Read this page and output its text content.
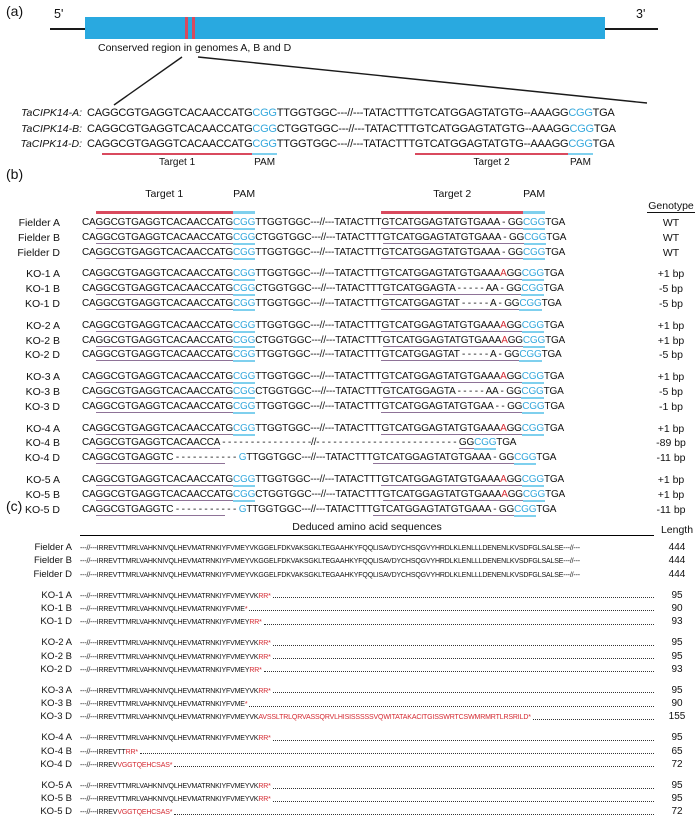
(a) 5'	3'
Conserved region in genomes A, B and D
TaCIPK14-A: CAGGCGTGAGGTCACAACCATG CGG TTGGTGGC---//---TATACTTTGTCATGGAGTATGTG--AAAGG CGG TGA
TaCIPK14-B: CAGGCGTGAGGTCACAACCATG CGG CTGGTGGC---//---TATACTTTGTCATGGAGTATGTG--AAAGG CGG TGA
TaCIPK14-D: CA GGCGTGAGGTCACAACCATG CGG TTGGTGGC---//---TATACTTT GTCATGGAGTATGTG--AAAGG CGG TGA
Target 1	PAM	Target 2	PAM
(b)
Target 1	PAM	Target 2	PAM
Genotype
Fielder A	CAGGCGTGAGGTCACAACCATGCGGTTGGTGGC---//---TATACTTTGTCATGGAGTATGTGAAA - GGCGGTGA	WT
Fielder B	CAGGCGTGAGGTCACAACCATGCGGCTGGTGGC---//---TATACTTTGTCATGGAGTATGTGAAA - GGCGGTGA	WT
Fielder D	CAGGCGTGAGGTCACAACCATGCGGTTGGTGGC---//---TATACTTTGTCATGGAGTATGTGAAA - GGCGGTGA	WT
KO-1 A	CAGGCGTGAGGTCACAACCATGCGGTTGGTGGC---//---TATACTTTGTCATGGAGTATGTGAAAAGGCGGTGA	+1 bp
KO-1 B	CAGGCGTGAGGTCACAACCATGCGGCTGGTGGC---//---TATACTTTGTCATGGAGTA - - - - - AA - GGCGGTGA	-5 bp
KO-1 D	CAGGCGTGAGGTCACAACCATGCGGTTGGTGGC---//---TATACTTTGTCATGGAGTAT - - - - - A - GGCGGTGA	-5 bp
KO-2 A	CAGGCGTGAGGTCACAACCATGCGGTTGGTGGC---//---TATACTTTGTCATGGAGTATGTGAAAAGGCGGTGA	+1 bp
KO-2 B	CAGGCGTGAGGTCACAACCATGCGGCTGGTGGC---//---TATACTTTGTCATGGAGTATGTGAAAAGGCGGTGA	+1 bp
KO-2 D	CAGGCGTGAGGTCACAACCATGCGGTTGGTGGC---//---TATACTTTGTCATGGAGTAT - - - - - A - GGCGGTGA	-5 bp
KO-3 A	CAGGCGTGAGGTCACAACCATGCGGTTGGTGGC---//---TATACTTTGTCATGGAGTATGTGAAAAGGCGGTGA	+1 bp
KO-3 B	CAGGCGTGAGGTCACAACCATGCGGCTGGTGGC---//---TATACTTTGTCATGGAGTA - - - - - AA - GGCGGTGA	-5 bp
KO-3 D	CAGGCGTGAGGTCACAACCATGCGGTTGGTGGC---//---TATACTTTGTCATGGAGTATGTGAA - - GGCGGTGA	-1 bp
KO-4 A	CAGGCGTGAGGTCACAACCATGCGGTTGGTGGC---//---TATACTTTGTCATGGAGTATGTGAAAAGGCGGTGA	+1 bp
KO-4 B	CAGGCGTGAGGTCACAACCA - - - - - - - - - - - - - - - -//- - - - - - - - - - - - - - - - - - - - - - - - - GGCGGTGA	-89 bp
KO-4 D	CAGGCGTGAGGTC - - - - - - - - - - - GTTGGTGGC---//---TATACTTTGTCATGGAGTATGTGAAA - GGCGGTGA	-11 bp
KO-5 A	CAGGCGTGAGGTCACAACCATGCGGTTGGTGGC---//---TATACTTTGTCATGGAGTATGTGAAAAGGCGGTGA	+1 bp
KO-5 B	CAGGCGTGAGGTCACAACCATGCGGCTGGTGGC---//---TATACTTTGTCATGGAGTATGTGAAAAGGCGGTGA	+1 bp
KO-5 D	CAGGCGTGAGGTC - - - - - - - - - - - GTTGGTGGC---//---TATACTTTGTCATGGAGTATGTGAAA - GGCGGTGA	-11 bp
(c)
Deduced amino acid sequences	Length
Fielder A	---//---IRREVTTMRLVAHKNIVQLHEVMATRNKIYFVMEYVKGGELFDKVAKSGKLTEGAAHKYFQQLISAVDYCHSQGVYHRDLKLENLLLDENENLKVSDFGLSALSE---//---	444
Fielder B	---//---IRREVTTMRLVAHKNIVQLHEVMATRNKIYFVMEYVKGGELFDKVAKSGKLTEGAAHKYFQQLISAVDYCHSQGVYHRDLKLENLLLDENENLKVSDFGLSALSE---//---	444
Fielder D	---//---IRREVTTMRLVAHKNIVQLHEVMATRNKIYFVMEYVKGGELFDKVAKSGKLTEGAAHKYFQQLISAVDYCHSQGVYHRDLKLENLLLDENENLKVSDFGLSALSE---//---	444
KO-1 A	---//---IRREVTTMRLVAHKNIVQLHEVMATRNKIYFVMEYVK RR*	95
KO-1 B	---//---IRREVTTMRLVAHKNIVQLHEVMATRNKIYFVME *	90
KO-1 D	---//---IRREVTTMRLVAHKNIVQLHEVMATRNKIYFVMEY RR*	93
KO-2 A	---//---IRREVTTMRLVAHKNIVQLHEVMATRNKIYFVMEYVK RR*	95
KO-2 B	---//---IRREVTTMRLVAHKNIVQLHEVMATRNKIYFVMEYVK RR*	95
KO-2 D	---//---IRREVTTMRLVAHKNIVQLHEVMATRNKIYFVMEY RR*	93
KO-3 A	---//---IRREVTTMRLVAHKNIVQLHEVMATRNKIYFVMEYVK RR*	95
KO-3 B	---//---IRREVTTMRLVAHKNIVQLHEVMATRNKIYFVME *	90
KO-3 D	---//---IRREVTTMRLVAHKNIVQLHEVMATRNKIYFVMEYVK AVSSLTRLQRVASSQRVLHISISSSSSVQWITATAKACITGISSWRTCSWMRMRTLRSRILD*	155
KO-4 A	---//---IRREVTTMRLVAHKNIVQLHEVMATRNKIYFVMEYVK RR*	95
KO-4 B	---//---IRREVTT RR*	65
KO-4 D	---//---IRREV VGGTQEHCSAS*	72
KO-5 A	---//---IRREVTTMRLVAHKNIVQLHEVMATRNKIYFVMEYVK RR*	95
KO-5 B	---//---IRREVTTMRLVAHKNIVQLHEVMATRNKIYFVMEYVK RR*	95
KO-5 D	---//---IRREV VGGTQEHCSAS*	72
